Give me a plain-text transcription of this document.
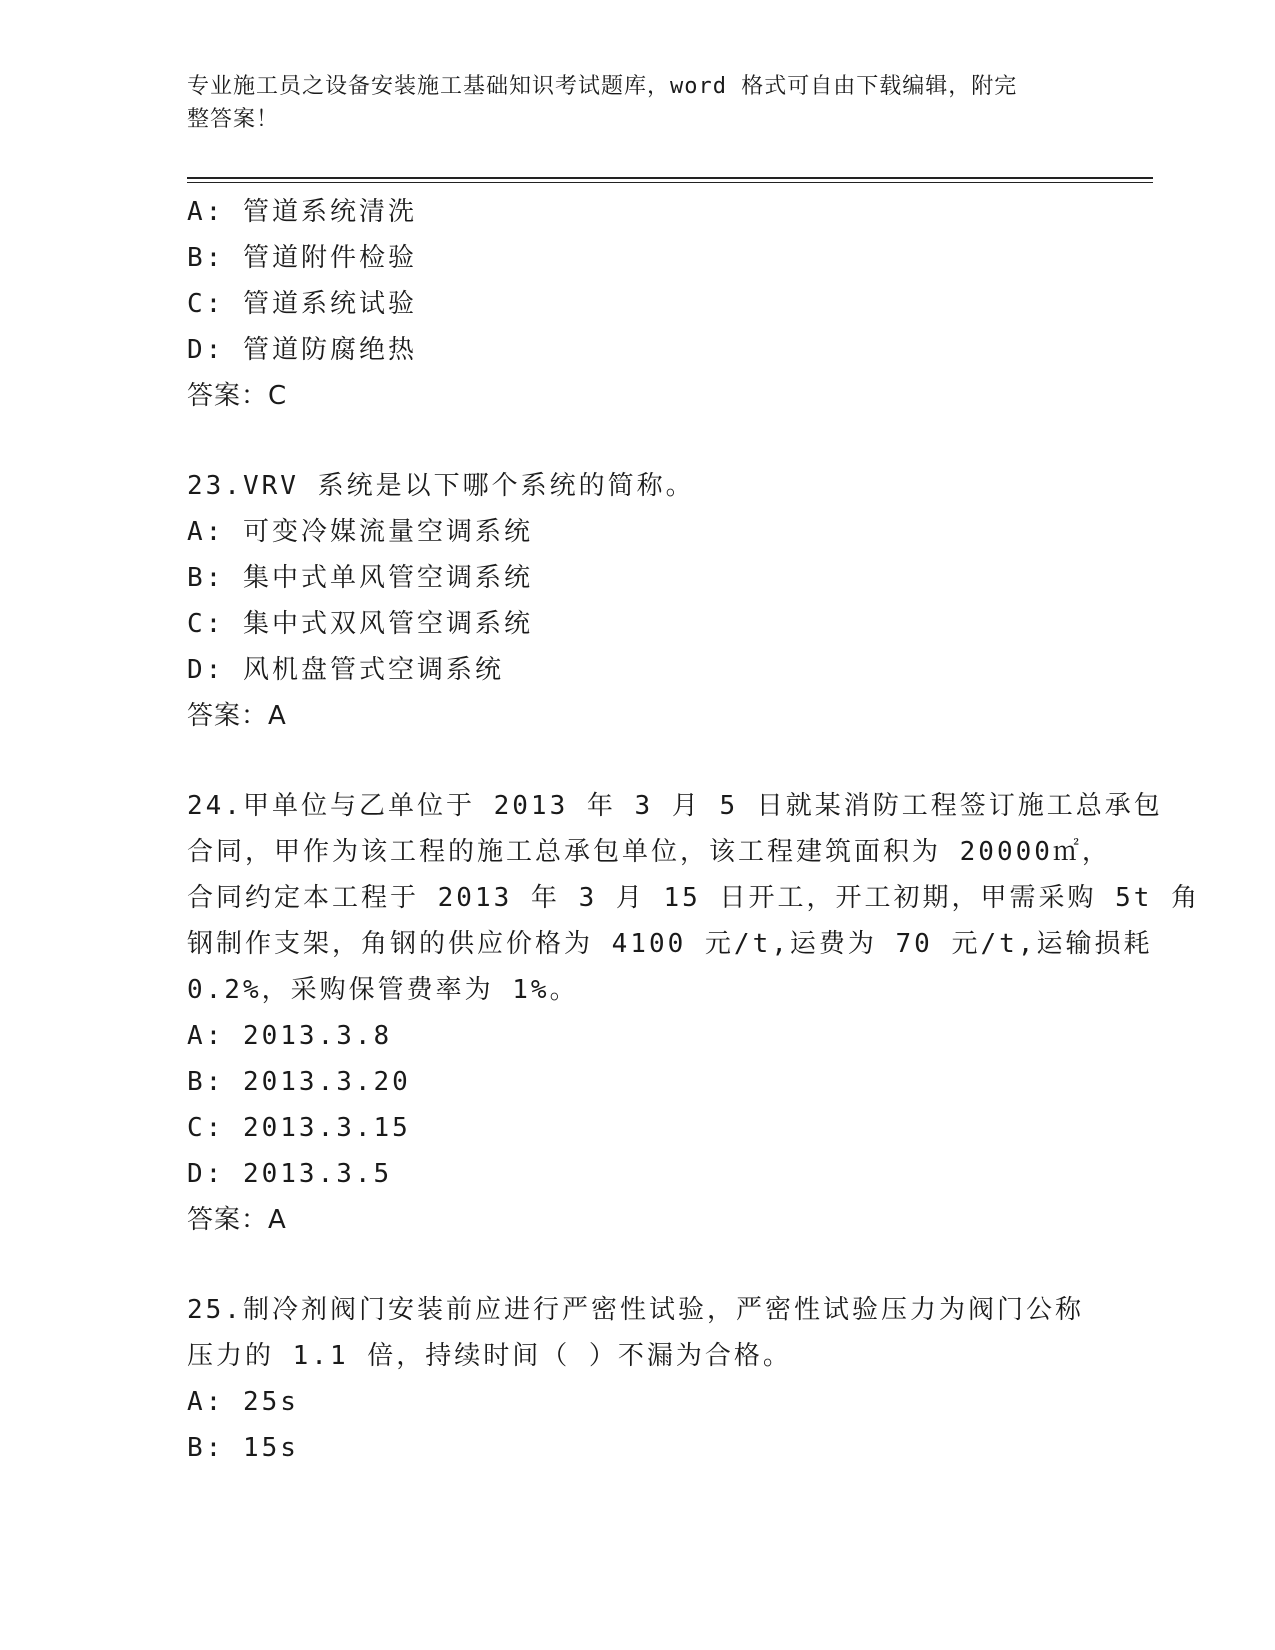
专业施工员之设备安装施工基础知识考试题库，word 格式可自由下载编辑，附完
整答案！
A: 管道系统清洗
B: 管道附件检验
C: 管道系统试验
D: 管道防腐绝热
答案：C
23.VRV 系统是以下哪个系统的简称。
A: 可变冷媒流量空调系统
B: 集中式单风管空调系统
C: 集中式双风管空调系统
D: 风机盘管式空调系统
答案：A
24.甲单位与乙单位于 2013 年 3 月 5 日就某消防工程签订施工总承包
合同，甲作为该工程的施工总承包单位，该工程建筑面积为 20000㎡，
合同约定本工程于 2013 年 3 月 15 日开工，开工初期，甲需采购 5t 角
钢制作支架，角钢的供应价格为 4100 元/t,运费为 70 元/t,运输损耗
0.2%，采购保管费率为 1%。
A: 2013.3.8
B: 2013.3.20
C: 2013.3.15
D: 2013.3.5
答案：A
25.制冷剂阀门安装前应进行严密性试验，严密性试验压力为阀门公称
压力的 1.1 倍，持续时间（ ）不漏为合格。
A: 25s
B: 15s
